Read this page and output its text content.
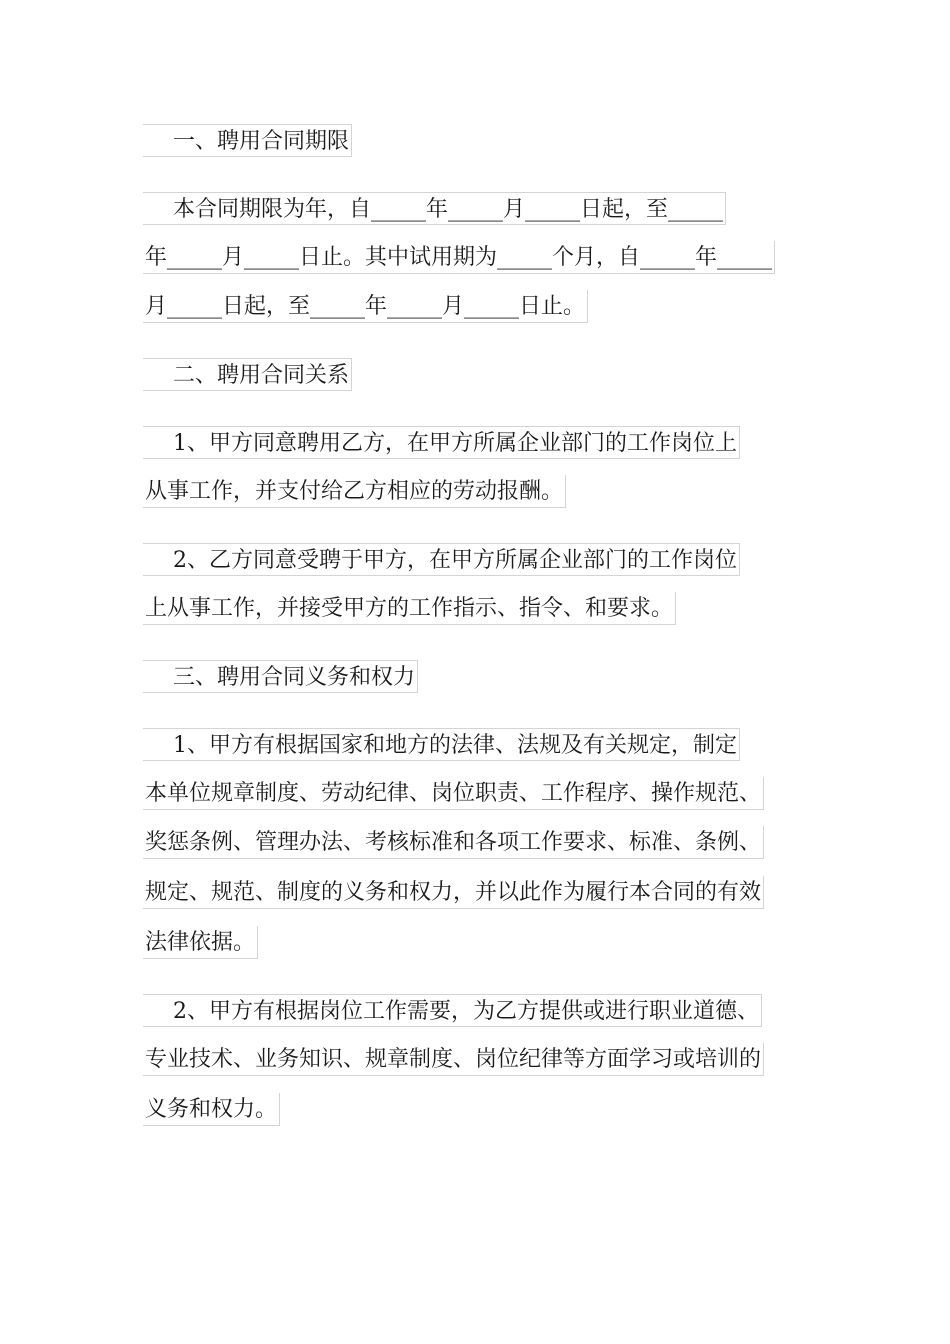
一、聘用合同期限
本合同期限为年，自_____年_____月_____日起，至_____
年_____月_____日止。其中试用期为_____个月，自_____年_____
月_____日起，至_____年_____月_____日止。
二、聘用合同关系
1、甲方同意聘用乙方，在甲方所属企业部门的工作岗位上
从事工作，并支付给乙方相应的劳动报酬。
2、乙方同意受聘于甲方，在甲方所属企业部门的工作岗位
上从事工作，并接受甲方的工作指示、指令、和要求。
三、聘用合同义务和权力
1、甲方有根据国家和地方的法律、法规及有关规定，制定
本单位规章制度、劳动纪律、岗位职责、工作程序、操作规范、
奖惩条例、管理办法、考核标准和各项工作要求、标准、条例、
规定、规范、制度的义务和权力，并以此作为履行本合同的有效
法律依据。
2、甲方有根据岗位工作需要，为乙方提供或进行职业道德、
专业技术、业务知识、规章制度、岗位纪律等方面学习或培训的
义务和权力。
